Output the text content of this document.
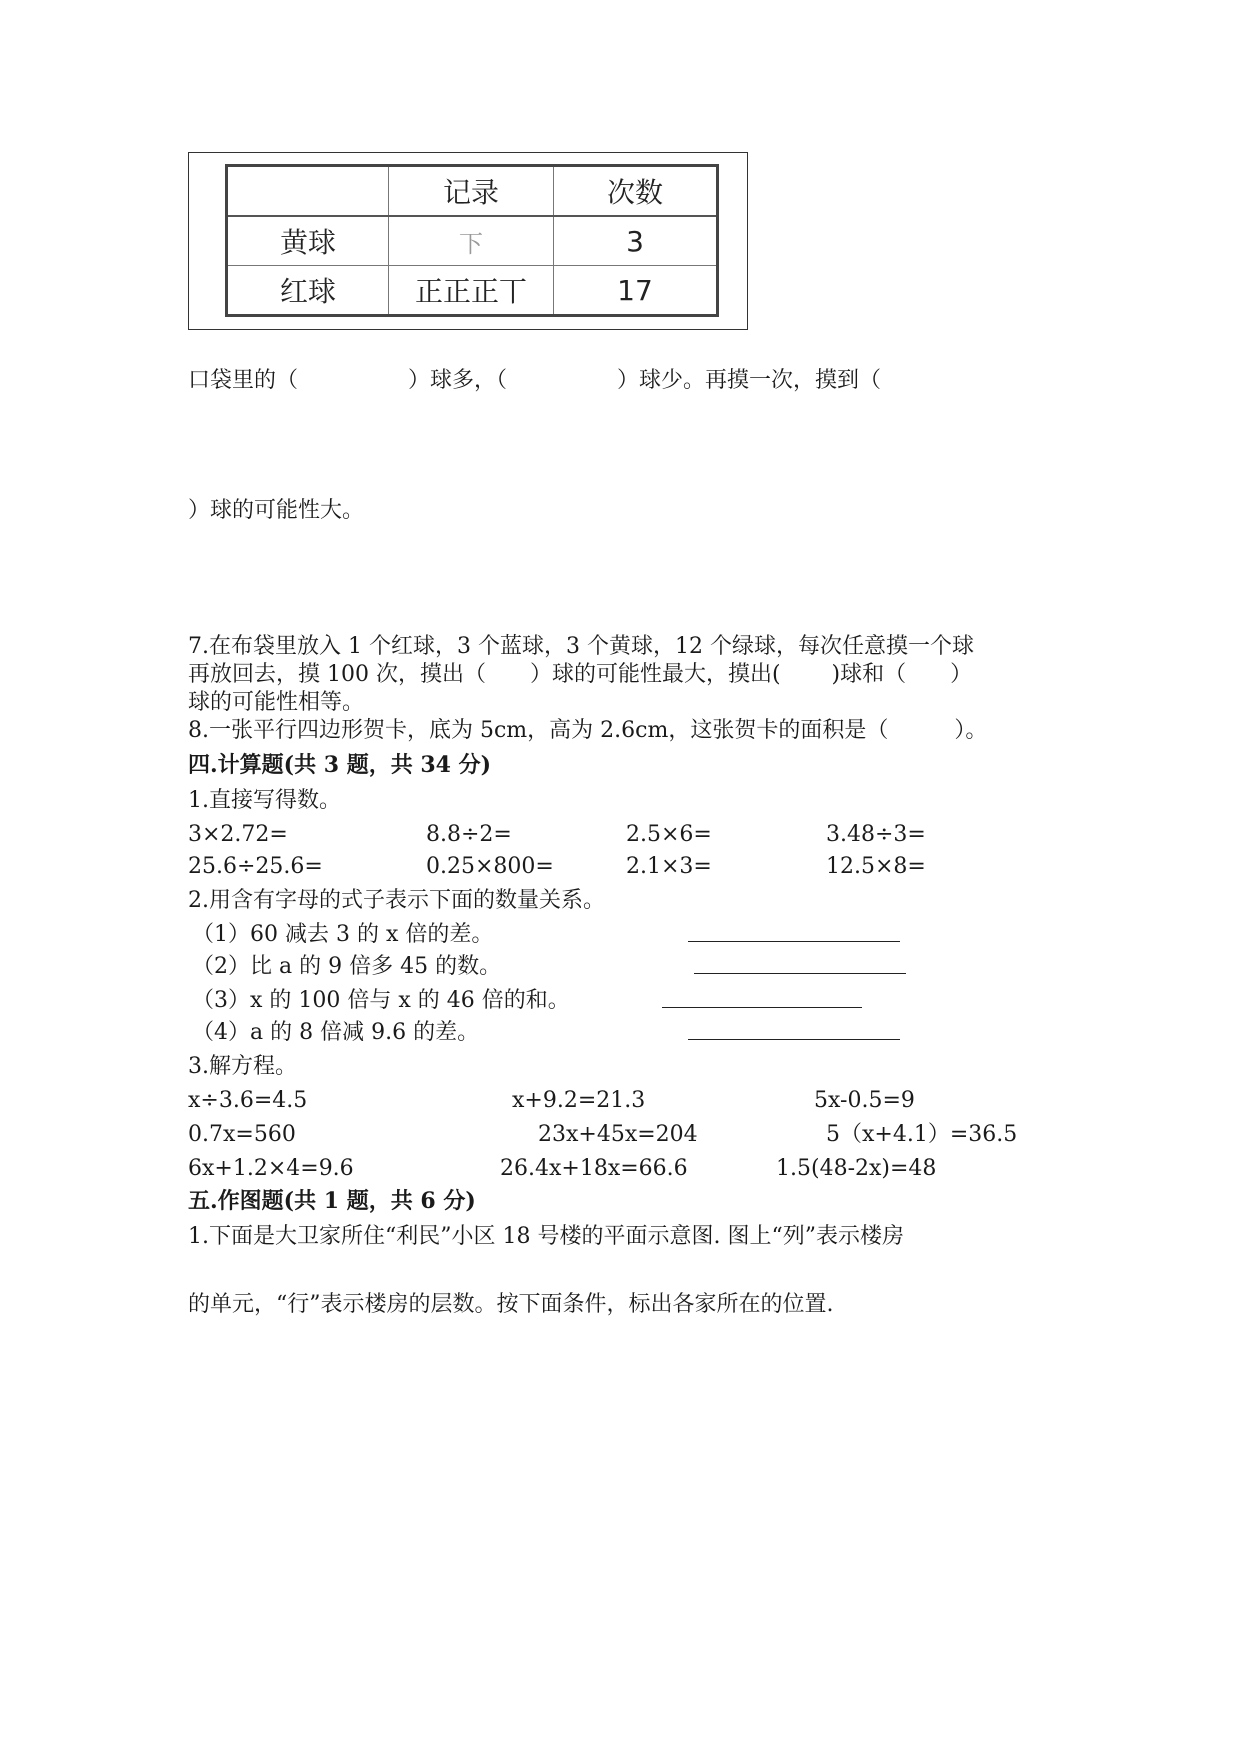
	记录	次数
黄球	下	3
红球	正正正丅	17
口袋里的（　　　　　）球多，（　　　　　）球少。再摸一次，摸到（
）球的可能性大。
7.在布袋里放入 1 个红球，3 个蓝球，3 个黄球，12 个绿球，每次任意摸一个球
再放回去，摸 100 次，摸出（　　）球的可能性最大，摸出(　　 )球和（　　）
球的可能性相等。
8.一张平行四边形贺卡，底为 5cm，高为 2.6cm，这张贺卡的面积是（　　　）。
四.计算题(共 3 题，共 34 分)
1.直接写得数。
3×2.72=	8.8÷2=	2.5×6=	3.48÷3=
25.6÷25.6=	0.25×800=	2.1×3=	12.5×8=
2.用含有字母的式子表示下面的数量关系。
（1）60 减去 3 的 x 倍的差。
（2）比 a 的 9 倍多 45 的数。
（3）x 的 100 倍与 x 的 46 倍的和。
（4）a 的 8 倍减 9.6 的差。
3.解方程。
x÷3.6=4.5	x+9.2=21.3	5x-0.5=9
0.7x=560	23x+45x=204	5（x+4.1）=36.5
6x+1.2×4=9.6	26.4x+18x=66.6	1.5(48-2x)=48
五.作图题(共 1 题，共 6 分)
1.下面是大卫家所住“利民”小区 18 号楼的平面示意图. 图上“列”表示楼房
的单元，“行”表示楼房的层数。按下面条件，标出各家所在的位置.
